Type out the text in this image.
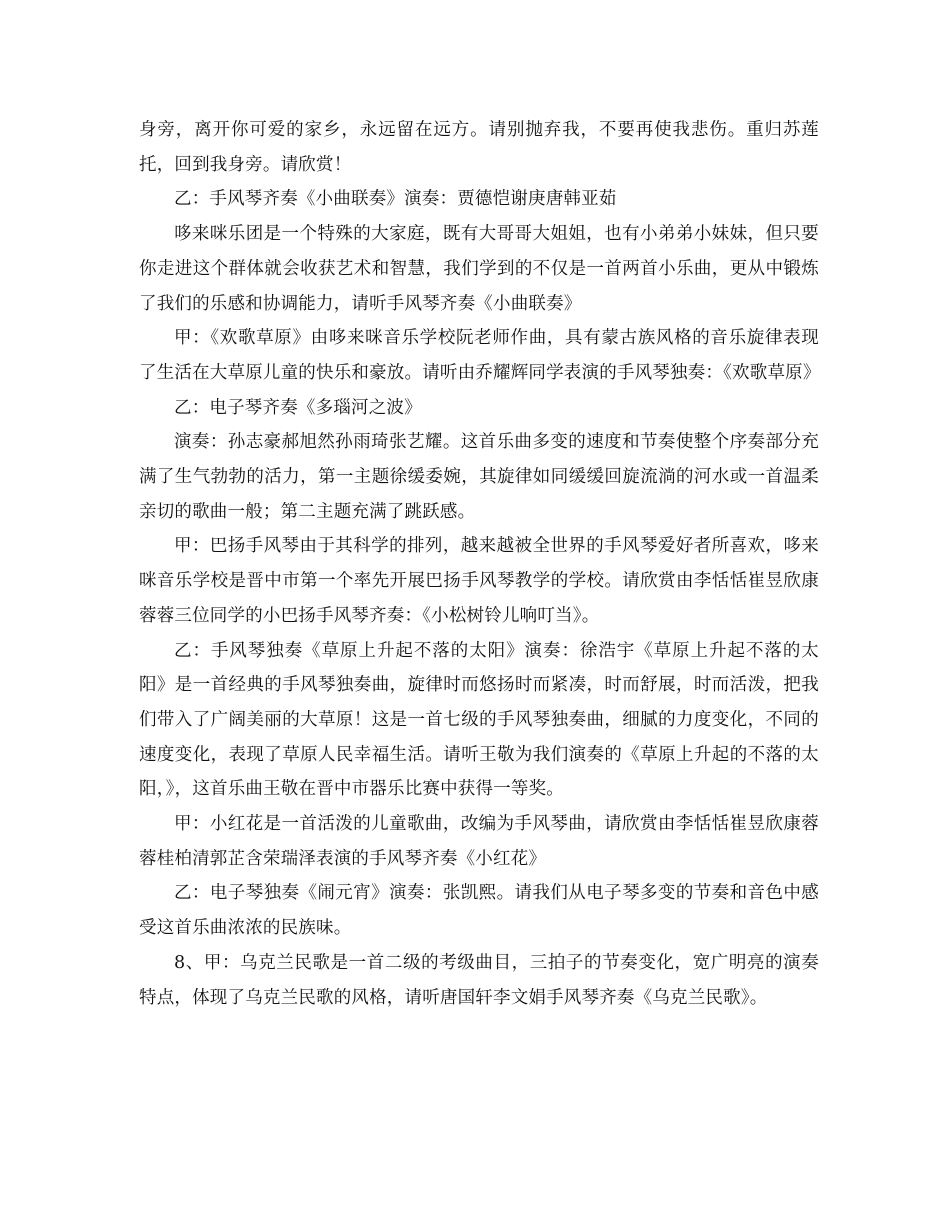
身旁，离开你可爱的家乡，永远留在远方。请别抛弃我，不要再使我悲伤。重归苏莲托，回到我身旁。请欣赏！

乙：手风琴齐奏《小曲联奏》演奏：贾德恺谢庚唐韩亚茹

哆来咪乐团是一个特殊的大家庭，既有大哥哥大姐姐，也有小弟弟小妹妹，但只要你走进这个群体就会收获艺术和智慧，我们学到的不仅是一首两首小乐曲，更从中锻炼了我们的乐感和协调能力，请听手风琴齐奏《小曲联奏》

甲：《欢歌草原》由哆来咪音乐学校阮老师作曲，具有蒙古族风格的音乐旋律表现了生活在大草原儿童的快乐和豪放。请听由乔耀辉同学表演的手风琴独奏：《欢歌草原》

乙：电子琴齐奏《多瑙河之波》

演奏：孙志豪郝旭然孙雨琦张艺耀。这首乐曲多变的速度和节奏使整个序奏部分充满了生气勃勃的活力，第一主题徐缓委婉，其旋律如同缓缓回旋流淌的河水或一首温柔亲切的歌曲一般；第二主题充满了跳跃感。

甲：巴扬手风琴由于其科学的排列，越来越被全世界的手风琴爱好者所喜欢，哆来咪音乐学校是晋中市第一个率先开展巴扬手风琴教学的学校。请欣赏由李恬恬崔昱欣康蓉蓉三位同学的小巴扬手风琴齐奏：《小松树铃儿响叮当》。

乙：手风琴独奏《草原上升起不落的太阳》演奏：徐浩宇《草原上升起不落的太阳》是一首经典的手风琴独奏曲，旋律时而悠扬时而紧凑，时而舒展，时而活泼，把我们带入了广阔美丽的大草原！这是一首七级的手风琴独奏曲，细腻的力度变化，不同的速度变化，表现了草原人民幸福生活。请听王敬为我们演奏的《草原上升起的不落的太阳，》，这首乐曲王敬在晋中市器乐比赛中获得一等奖。

甲：小红花是一首活泼的儿童歌曲，改编为手风琴曲，请欣赏由李恬恬崔昱欣康蓉蓉桂柏清郭芷含荣瑞泽表演的手风琴齐奏《小红花》

乙：电子琴独奏《闹元宵》演奏：张凯熙。请我们从电子琴多变的节奏和音色中感受这首乐曲浓浓的民族味。

8、甲：乌克兰民歌是一首二级的考级曲目，三拍子的节奏变化，宽广明亮的演奏特点，体现了乌克兰民歌的风格，请听唐国轩李文娟手风琴齐奏《乌克兰民歌》。
